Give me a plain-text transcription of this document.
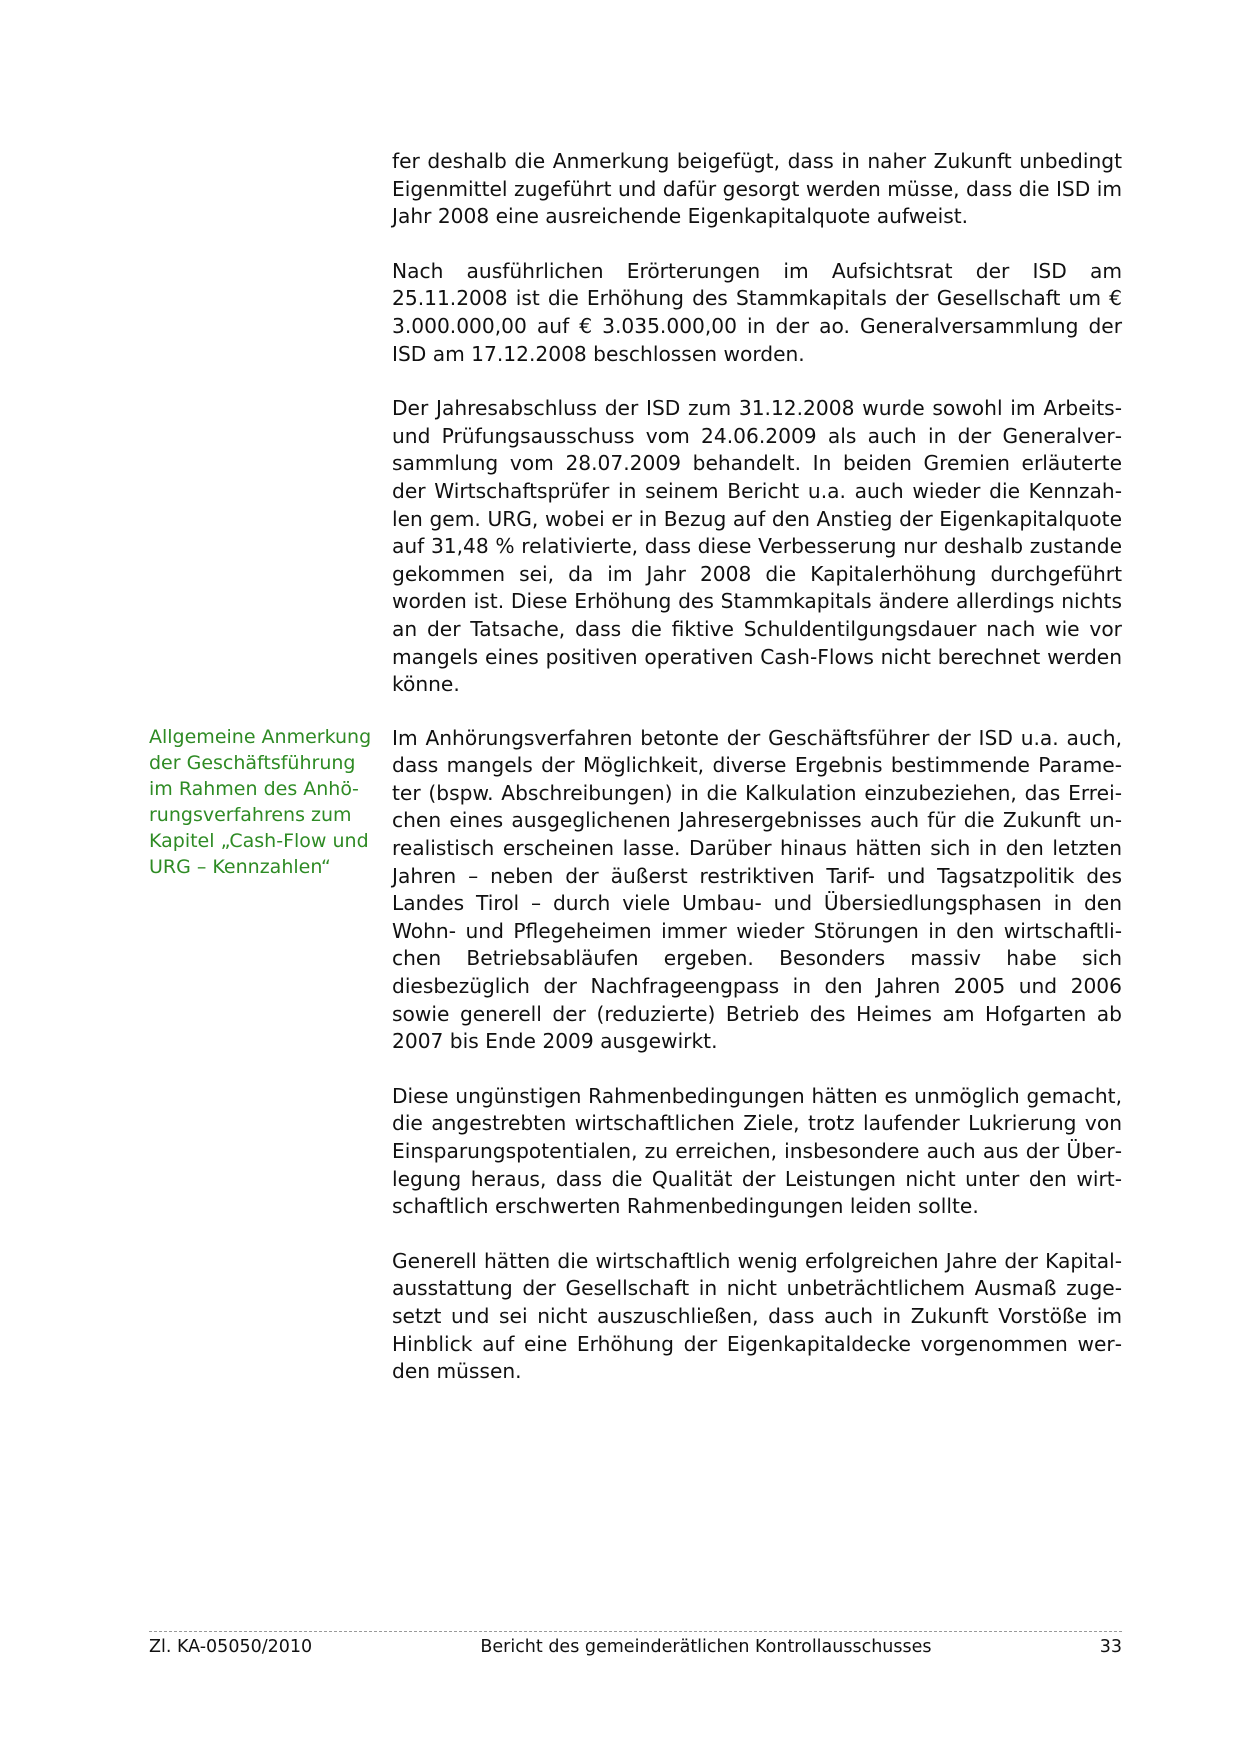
Allgemeine Anmerkung der Geschäftsführung im Rahmen des Anhörungsverfahrens zum Kapitel „Cash-Flow und URG – Kennzahlen“

fer deshalb die Anmerkung beigefügt, dass in naher Zukunft unbedingt Eigenmittel zugeführt und dafür gesorgt werden müsse, dass die ISD im Jahr 2008 eine ausreichende Eigenkapitalquote aufweist.

Nach ausführlichen Erörterungen im Aufsichtsrat der ISD am 25.11.2008 ist die Erhöhung des Stammkapitals der Gesellschaft um € 3.000.000,00 auf € 3.035.000,00 in der ao. Generalversammlung der ISD am 17.12.2008 beschlossen worden.

Der Jahresabschluss der ISD zum 31.12.2008 wurde sowohl im Arbeits- und Prüfungsausschuss vom 24.06.2009 als auch in der Generalversammlung vom 28.07.2009 behandelt. In beiden Gremien erläuterte der Wirtschaftsprüfer in seinem Bericht u.a. auch wieder die Kennzahlen gem. URG, wobei er in Bezug auf den Anstieg der Eigenkapitalquote auf 31,48 % relativierte, dass diese Verbesserung nur deshalb zustande gekommen sei, da im Jahr 2008 die Kapitalerhöhung durchgeführt worden ist. Diese Erhöhung des Stammkapitals ändere allerdings nichts an der Tatsache, dass die fiktive Schuldentilgungsdauer nach wie vor mangels eines positiven operativen Cash-Flows nicht berechnet werden könne.

Im Anhörungsverfahren betonte der Geschäftsführer der ISD u.a. auch, dass mangels der Möglichkeit, diverse Ergebnis bestimmende Parameter (bspw. Abschreibungen) in die Kalkulation einzubeziehen, das Erreichen eines ausgeglichenen Jahresergebnisses auch für die Zukunft unrealistisch erscheinen lasse. Darüber hinaus hätten sich in den letzten Jahren – neben der äußerst restriktiven Tarif- und Tagsatzpolitik des Landes Tirol – durch viele Umbau- und Übersiedlungsphasen in den Wohn- und Pflegeheimen immer wieder Störungen in den wirtschaftlichen Betriebsabläufen ergeben. Besonders massiv habe sich diesbezüglich der Nachfrageengpass in den Jahren 2005 und 2006 sowie generell der (reduzierte) Betrieb des Heimes am Hofgarten ab 2007 bis Ende 2009 ausgewirkt.

Diese ungünstigen Rahmenbedingungen hätten es unmöglich gemacht, die angestrebten wirtschaftlichen Ziele, trotz laufender Lukrierung von Einsparungspotentialen, zu erreichen, insbesondere auch aus der Überlegung heraus, dass die Qualität der Leistungen nicht unter den wirtschaftlich erschwerten Rahmenbedingungen leiden sollte.

Generell hätten die wirtschaftlich wenig erfolgreichen Jahre der Kapitalausstattung der Gesellschaft in nicht unbeträchtlichem Ausmaß zugesetzt und sei nicht auszuschließen, dass auch in Zukunft Vorstöße im Hinblick auf eine Erhöhung der Eigenkapitaldecke vorgenommen werden müssen.

Zl. KA-05050/2010	Bericht des gemeinderätlichen Kontrollausschusses	33
